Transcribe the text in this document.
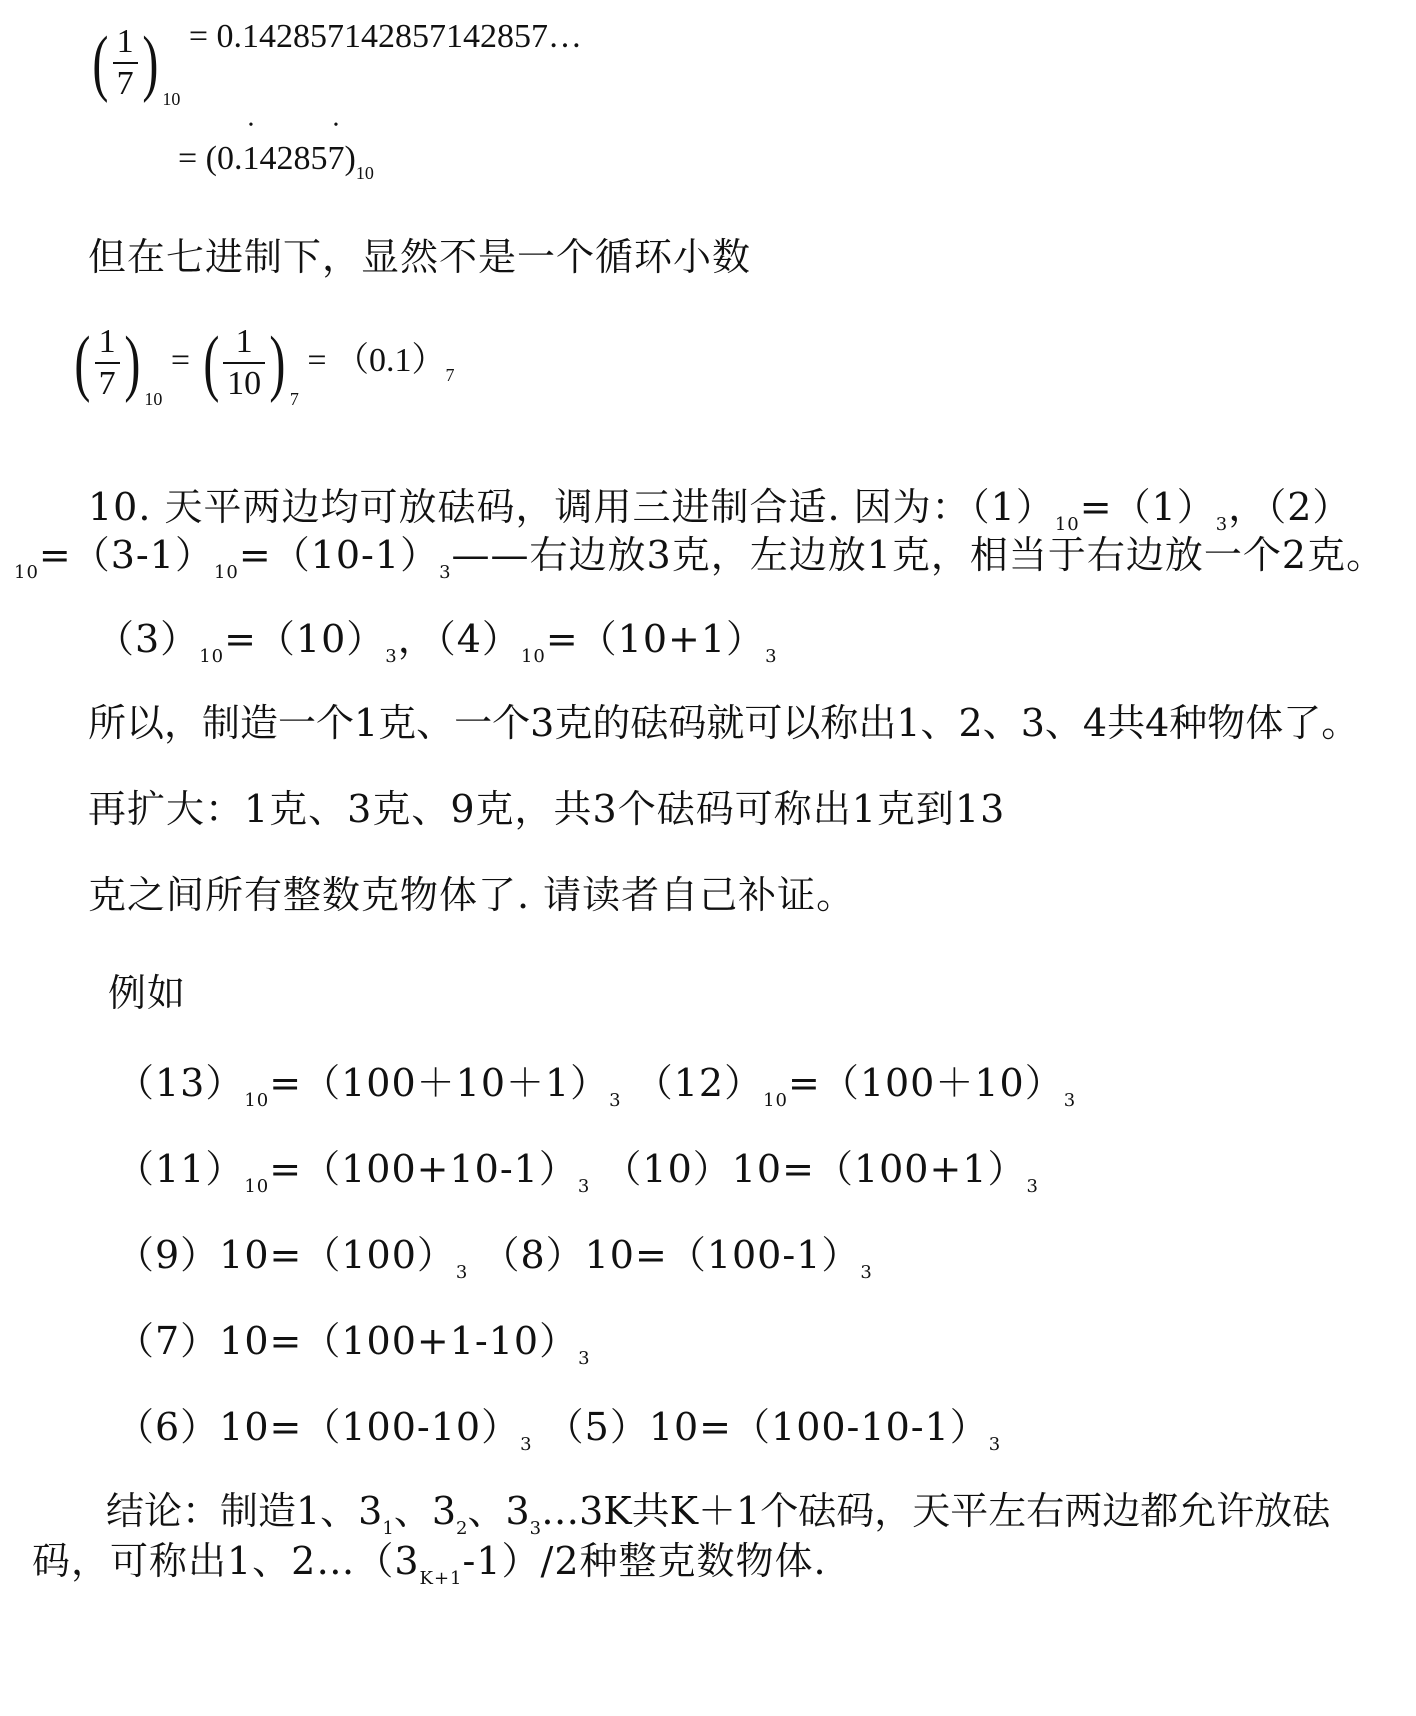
( $\frac{1}{7}$ ) $_{10}$ = 0.142857142857142857…
= (0.• 14285• $7)_{10}$
但在七进制下，显然不是一个循环小数
( $\frac{1}{7}$ ) $_{10}$ = ( $\frac{1}{10}$ ) $_7 = (0.1)_7$
10. 天平两边均可放砝码，调用三进制合适. 因为：$(1)_{10}=(1)_3$，（2）
$_{10}=(3-1)_{10}=(10-1)_3——$右边放3克，左边放1克，相当于右边放一个2克。
$(3)_{10}=(10)_3$，$(4)_{10}=(10+1)_3$
所以，制造一个1克、一个3克的砝码就可以称出1、2、3、4共4种物体了。
再扩大：1克、3克、9克，共3个砝码可称出1克到13
克之间所有整数克物体了. 请读者自己补证。
例如
$(13)_{10}=(100+10+1)_3$ $(12)_{10}=(100+10)_3$
$(11)_{10}=(100+10-1)_3$ $(10)10=(100+1)_3$
$(9)10=(100)_3$ $(8)10=(100-1)_3$
$(7)10=(100+1-10)_3$
$(6)10=(100-10)_3$ $(5)10=(100-10-1)_3$
结论：制造1、$3_1$、$3_2$、$3_3\dots 3K$共K＋1个砝码，天平左右两边都允许放砝
码，可称出1、$2\dots(3_{K+1}-1)/2$种整克数物体.
